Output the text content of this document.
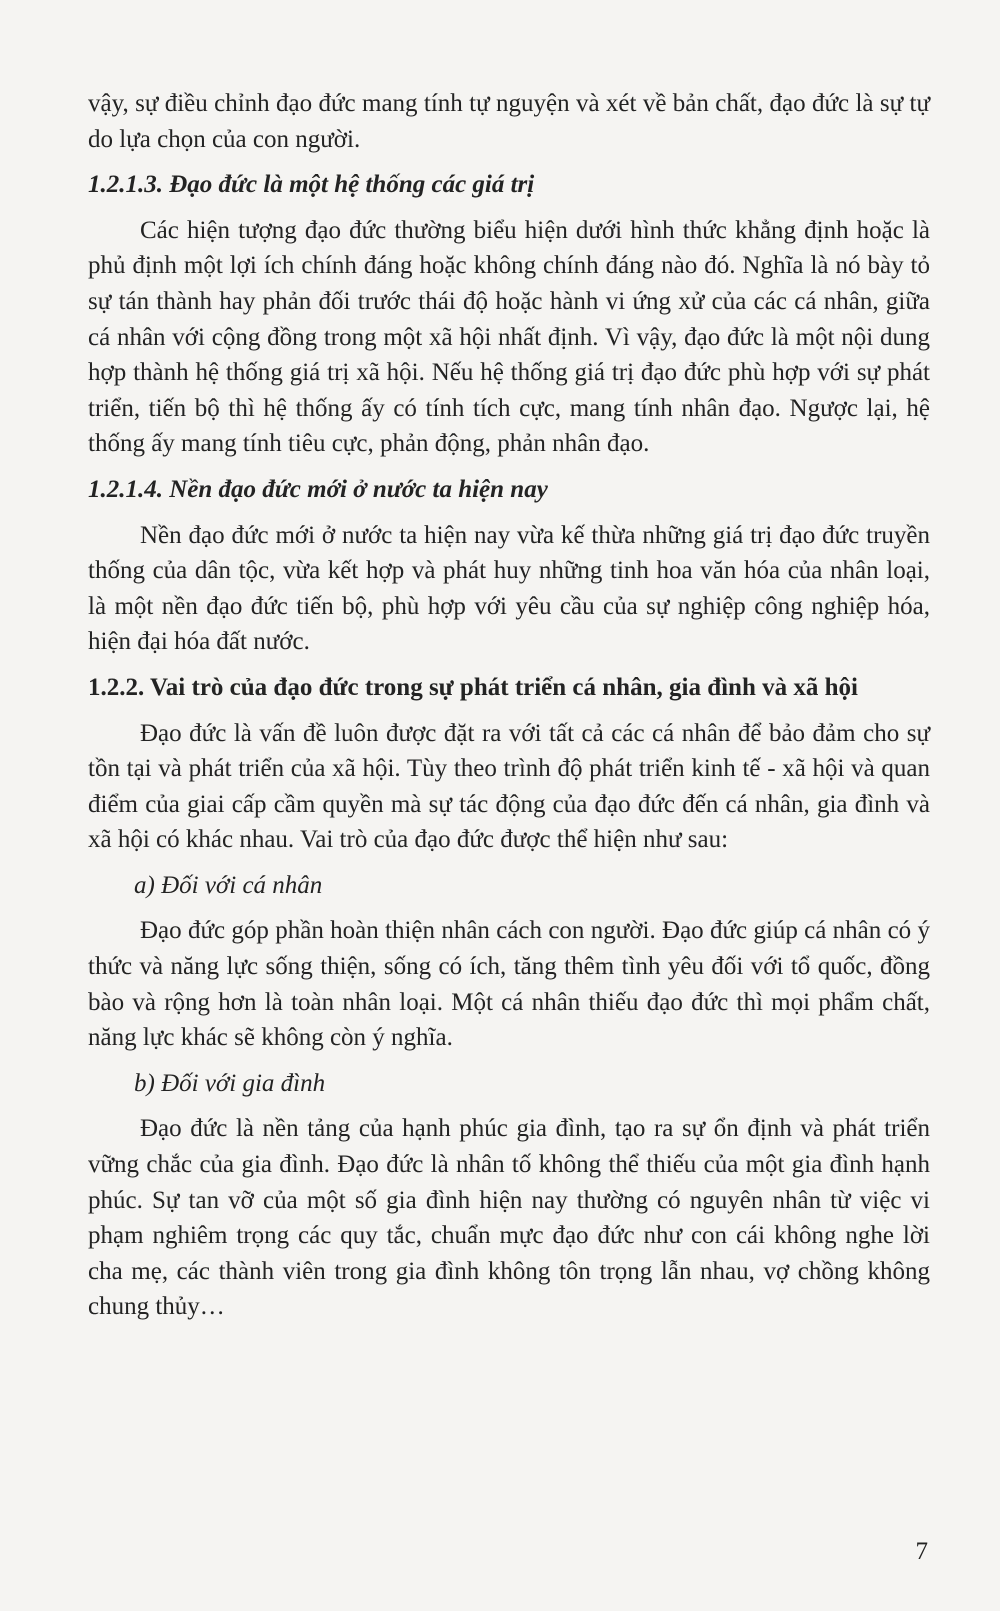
vậy, sự điều chỉnh đạo đức mang tính tự nguyện và xét về bản chất, đạo đức là sự tự do lựa chọn của con người.

1.2.1.3. Đạo đức là một hệ thống các giá trị

Các hiện tượng đạo đức thường biểu hiện dưới hình thức khẳng định hoặc là phủ định một lợi ích chính đáng hoặc không chính đáng nào đó. Nghĩa là nó bày tỏ sự tán thành hay phản đối trước thái độ hoặc hành vi ứng xử của các cá nhân, giữa cá nhân với cộng đồng trong một xã hội nhất định. Vì vậy, đạo đức là một nội dung hợp thành hệ thống giá trị xã hội. Nếu hệ thống giá trị đạo đức phù hợp với sự phát triển, tiến bộ thì hệ thống ấy có tính tích cực, mang tính nhân đạo. Ngược lại, hệ thống ấy mang tính tiêu cực, phản động, phản nhân đạo.

1.2.1.4. Nền đạo đức mới ở nước ta hiện nay

Nền đạo đức mới ở nước ta hiện nay vừa kế thừa những giá trị đạo đức truyền thống của dân tộc, vừa kết hợp và phát huy những tinh hoa văn hóa của nhân loại, là một nền đạo đức tiến bộ, phù hợp với yêu cầu của sự nghiệp công nghiệp hóa, hiện đại hóa đất nước.

1.2.2. Vai trò của đạo đức trong sự phát triển cá nhân, gia đình và xã hội

Đạo đức là vấn đề luôn được đặt ra với tất cả các cá nhân để bảo đảm cho sự tồn tại và phát triển của xã hội. Tùy theo trình độ phát triển kinh tế - xã hội và quan điểm của giai cấp cầm quyền mà sự tác động của đạo đức đến cá nhân, gia đình và xã hội có khác nhau. Vai trò của đạo đức được thể hiện như sau:

a) Đối với cá nhân

Đạo đức góp phần hoàn thiện nhân cách con người. Đạo đức giúp cá nhân có ý thức và năng lực sống thiện, sống có ích, tăng thêm tình yêu đối với tổ quốc, đồng bào và rộng hơn là toàn nhân loại. Một cá nhân thiếu đạo đức thì mọi phẩm chất, năng lực khác sẽ không còn ý nghĩa.

b) Đối với gia đình

Đạo đức là nền tảng của hạnh phúc gia đình, tạo ra sự ổn định và phát triển vững chắc của gia đình. Đạo đức là nhân tố không thể thiếu của một gia đình hạnh phúc. Sự tan vỡ của một số gia đình hiện nay thường có nguyên nhân từ việc vi phạm nghiêm trọng các quy tắc, chuẩn mực đạo đức như con cái không nghe lời cha mẹ, các thành viên trong gia đình không tôn trọng lẫn nhau, vợ chồng không chung thủy…

7
